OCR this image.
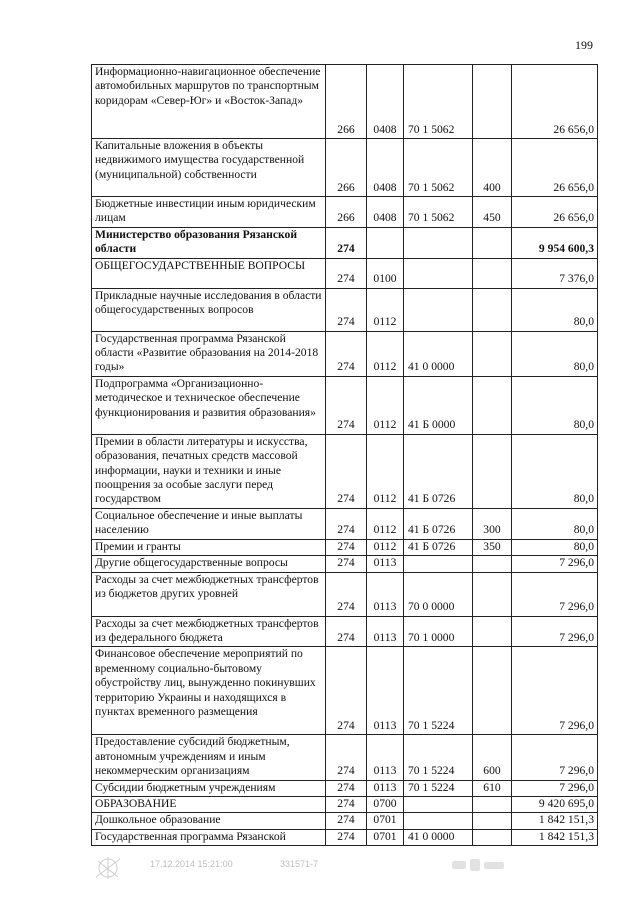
199
Информационно-навигационное обеспечение автомобильных маршрутов по транспортным коридорам «Север-Юг» и «Восток-Запад»	266	0408	70 1 5062		26 656,0
Капитальные вложения в объекты недвижимого имущества государственной (муниципальной) собственности	266	0408	70 1 5062	400	26 656,0
Бюджетные инвестиции иным юридическим лицам	266	0408	70 1 5062	450	26 656,0
Министерство образования Рязанской области	274				9 954 600,3
ОБЩЕГОСУДАРСТВЕННЫЕ ВОПРОСЫ	274	0100			7 376,0
Прикладные научные исследования в области общегосударственных вопросов	274	0112			80,0
Государственная программа Рязанской области «Развитие образования на 2014-2018 годы»	274	0112	41 0 0000		80,0
Подпрограмма «Организационно-методическое и техническое обеспечение функционирования и развития образования»	274	0112	41 Б 0000		80,0
Премии в области литературы и искусства, образования, печатных средств массовой информации, науки и техники и иные поощрения за особые заслуги перед государством	274	0112	41 Б 0726		80,0
Социальное обеспечение и иные выплаты населению	274	0112	41 Б 0726	300	80,0
Премии и гранты	274	0112	41 Б 0726	350	80,0
Другие общегосударственные вопросы	274	0113			7 296,0
Расходы за счет межбюджетных трансфертов из бюджетов других уровней	274	0113	70 0 0000		7 296,0
Расходы за счет межбюджетных трансфертов из федерального бюджета	274	0113	70 1 0000		7 296,0
Финансовое обеспечение мероприятий по временному социально-бытовому обустройству лиц, вынужденно покинувших территорию Украины и находящихся в пунктах временного размещения	274	0113	70 1 5224		7 296,0
Предоставление субсидий бюджетным, автономным учреждениям и иным некоммерческим организациям	274	0113	70 1 5224	600	7 296,0
Субсидии бюджетным учреждениям	274	0113	70 1 5224	610	7 296,0
ОБРАЗОВАНИЕ	274	0700			9 420 695,0
Дошкольное образование	274	0701			1 842 151,3
Государственная программа Рязанской	274	0701	41 0 0000		1 842 151,3
17.12.2014 15:21:00	331571-7
